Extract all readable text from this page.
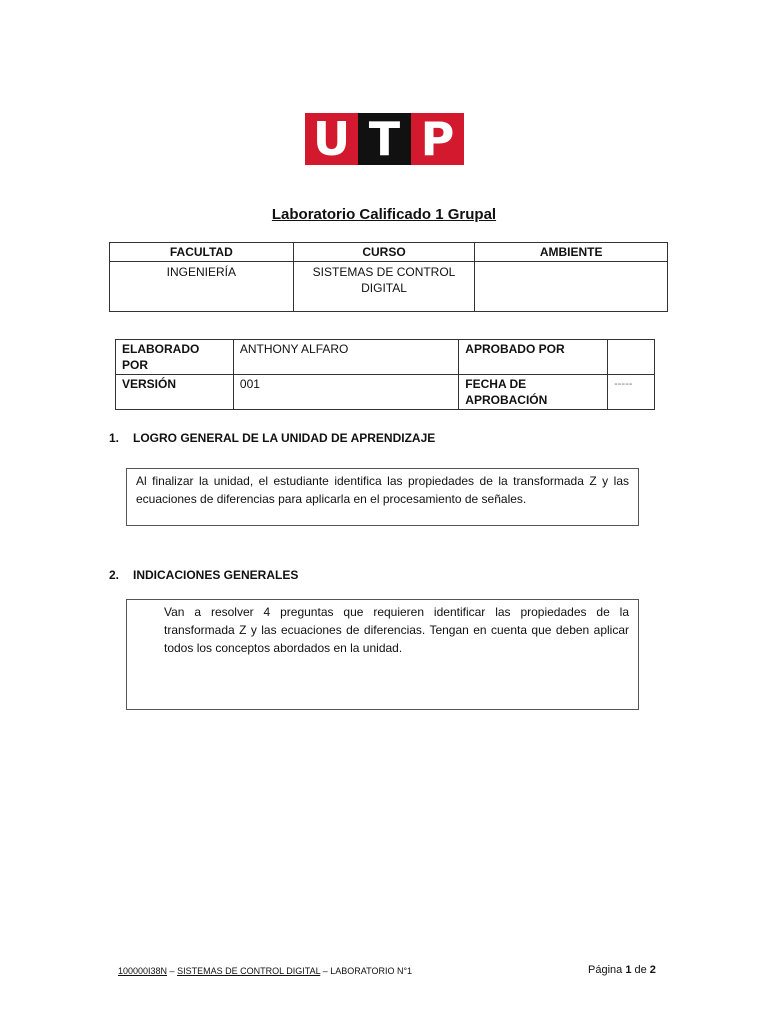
U T P
Laboratorio Calificado 1 Grupal
FACULTAD	CURSO	AMBIENTE
INGENIERÍA	SISTEMAS DE CONTROL DIGITAL	
ELABORADO POR	ANTHONY ALFARO	APROBADO POR	
VERSIÓN	001	FECHA DE APROBACIÓN	-----
1. LOGRO GENERAL DE LA UNIDAD DE APRENDIZAJE
Al finalizar la unidad, el estudiante identifica las propiedades de la transformada Z y las ecuaciones de diferencias para aplicarla en el procesamiento de señales.
2. INDICACIONES GENERALES
Van a resolver 4 preguntas que requieren identificar las propiedades de la transformada Z y las ecuaciones de diferencias. Tengan en cuenta que deben aplicar todos los conceptos abordados en la unidad.
100000I38N – SISTEMAS DE CONTROL DIGITAL – LABORATORIO N°1	Página 1 de 2
